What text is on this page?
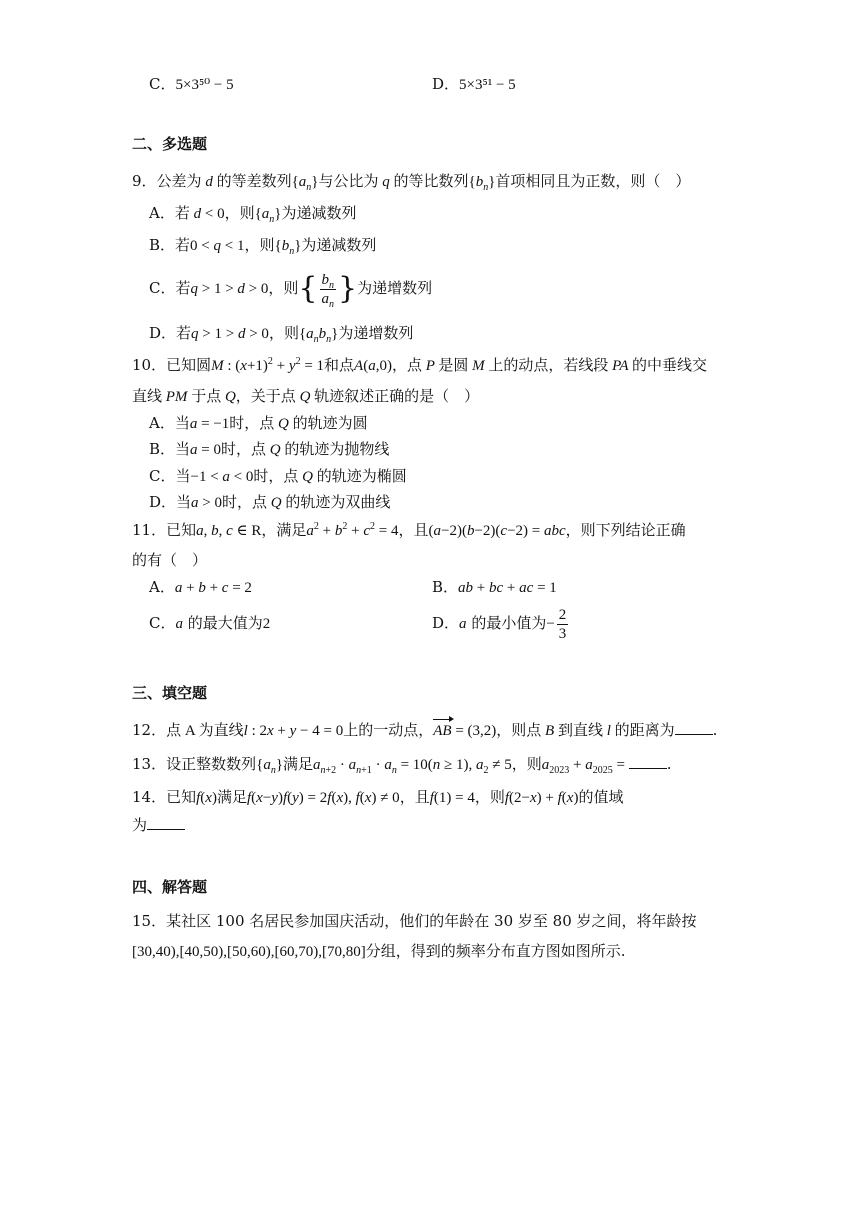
C．5×3⁵⁰ − 5	D．5×3⁵¹ − 5
二、多选题
9．公差为 d 的等差数列$\{a_n\}$与公比为 q 的等比数列$\{b_n\}$首项相同且为正数，则（　）
A．若 d < 0，则$\{a_n\}$为递减数列
B．若0 < q < 1，则$\{b_n\}$为递减数列
C．若q > 1 > d > 0，则{ $\frac{b_n}{a_n}$ }为递增数列
D．若q > 1 > d > 0，则$\{a_nb_n\}$为递增数列
10．已知圆M : $(x+1)^2 + y^2 = 1$和点A(a,0)，点 P 是圆 M 上的动点，若线段 PA 的中垂线交
直线 PM 于点 Q，关于点 Q 轨迹叙述正确的是（　）
A．当a = −1时，点 Q 的轨迹为圆
B．当a = 0时，点 Q 的轨迹为抛物线
C．当−1 < a < 0时，点 Q 的轨迹为椭圆
D．当a > 0时，点 Q 的轨迹为双曲线
11．已知a, b, c ∈ R，满足$a^2 + b^2 + c^2 = 4$，且(a−2)(b−2)(c−2) = abc，则下列结论正确
的有（　）
A．a + b + c = 2	B．ab + bc + ac = 1
C．a 的最大值为2	D．a 的最小值为− $\frac{2}{3}$
三、填空题
12．点 A 为直线l : 2x + y − 4 = 0上的一动点，AB = (3,2)，则点 B 到直线 l 的距离为	.
13．设正整数数列$\{a_n\}$满足$a_{n+2} \cdot a_{n+1} \cdot a_n = 10(n \ge 1)$, $a_2 \ne 5$，则$a_{2023} + a_{2025}$ =	.
14．已知f(x)满足f(x−y)f(y) = 2f(x), f(x) ≠ 0，且f(1) = 4，则f(2−x) + f(x)的值域
为
四、解答题
15．某社区 100 名居民参加国庆活动，他们的年龄在 30 岁至 80 岁之间，将年龄按
[30,40),[40,50),[50,60),[60,70),[70,80]分组，得到的频率分布直方图如图所示.
